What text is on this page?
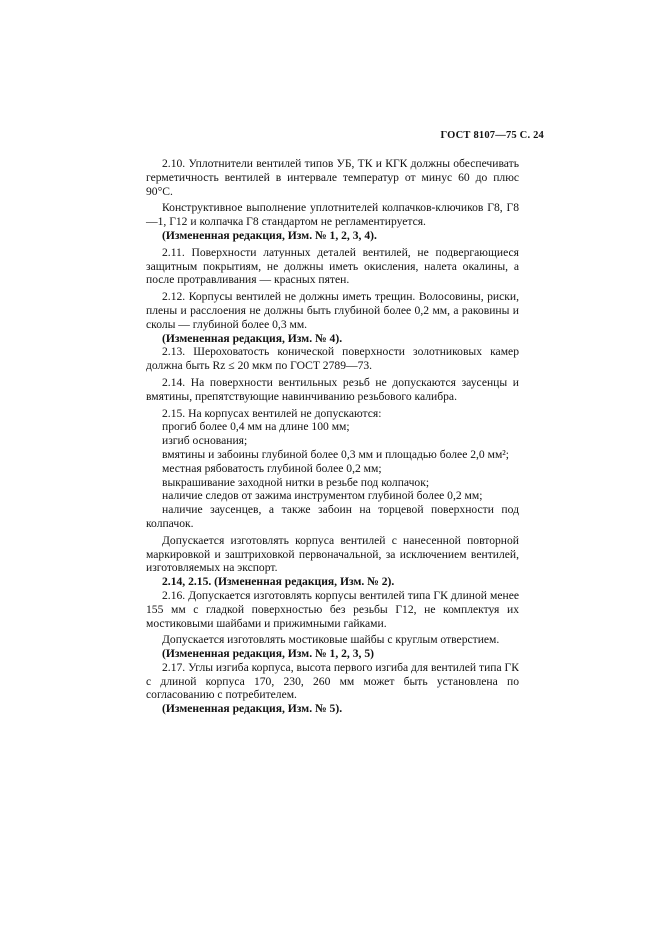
ГОСТ 8107—75 С. 24

2.10. Уплотнители вентилей типов УБ, ТК и КГК должны обеспечивать герметичность вентилей в интервале температур от минус 60 до плюс 90°С.

Конструктивное выполнение уплотнителей колпачков-ключиков Г8, Г8—1, Г12 и колпачка Г8 стандартом не регламентируется.

(Измененная редакция, Изм. № 1, 2, 3, 4).

2.11. Поверхности латунных деталей вентилей, не подвергающиеся защитным покрытиям, не должны иметь окисления, налета окалины, а после протравливания — красных пятен.

2.12. Корпусы вентилей не должны иметь трещин. Волосовины, риски, плены и расслоения не должны быть глубиной более 0,2 мм, а раковины и сколы — глубиной более 0,3 мм.

(Измененная редакция, Изм. № 4).

2.13. Шероховатость конической поверхности золотниковых камер должна быть Rz ≤ 20 мкм по ГОСТ 2789—73.

2.14. На поверхности вентильных резьб не допускаются заусенцы и вмятины, препятствующие навинчиванию резьбового калибра.

2.15. На корпусах вентилей не допускаются:

прогиб более 0,4 мм на длине 100 мм;

изгиб основания;

вмятины и забоины глубиной более 0,3 мм и площадью более 2,0 мм²;

местная рябоватость глубиной более 0,2 мм;

выкрашивание заходной нитки в резьбе под колпачок;

наличие следов от зажима инструментом глубиной более 0,2 мм;

наличие заусенцев, а также забоин на торцевой поверхности под колпачок.

Допускается изготовлять корпуса вентилей с нанесенной повторной маркировкой и заштриховкой первоначальной, за исключением вентилей, изготовляемых на экспорт.

2.14, 2.15. (Измененная редакция, Изм. № 2).

2.16. Допускается изготовлять корпусы вентилей типа ГК длиной менее 155 мм с гладкой поверхностью без резьбы Г12, не комплектуя их мостиковыми шайбами и прижимными гайками.

Допускается изготовлять мостиковые шайбы с круглым отверстием.

(Измененная редакция, Изм. № 1, 2, 3, 5)

2.17. Углы изгиба корпуса, высота первого изгиба для вентилей типа ГК с длиной корпуса 170, 230, 260 мм может быть установлена по согласованию с потребителем.

(Измененная редакция, Изм. № 5).
